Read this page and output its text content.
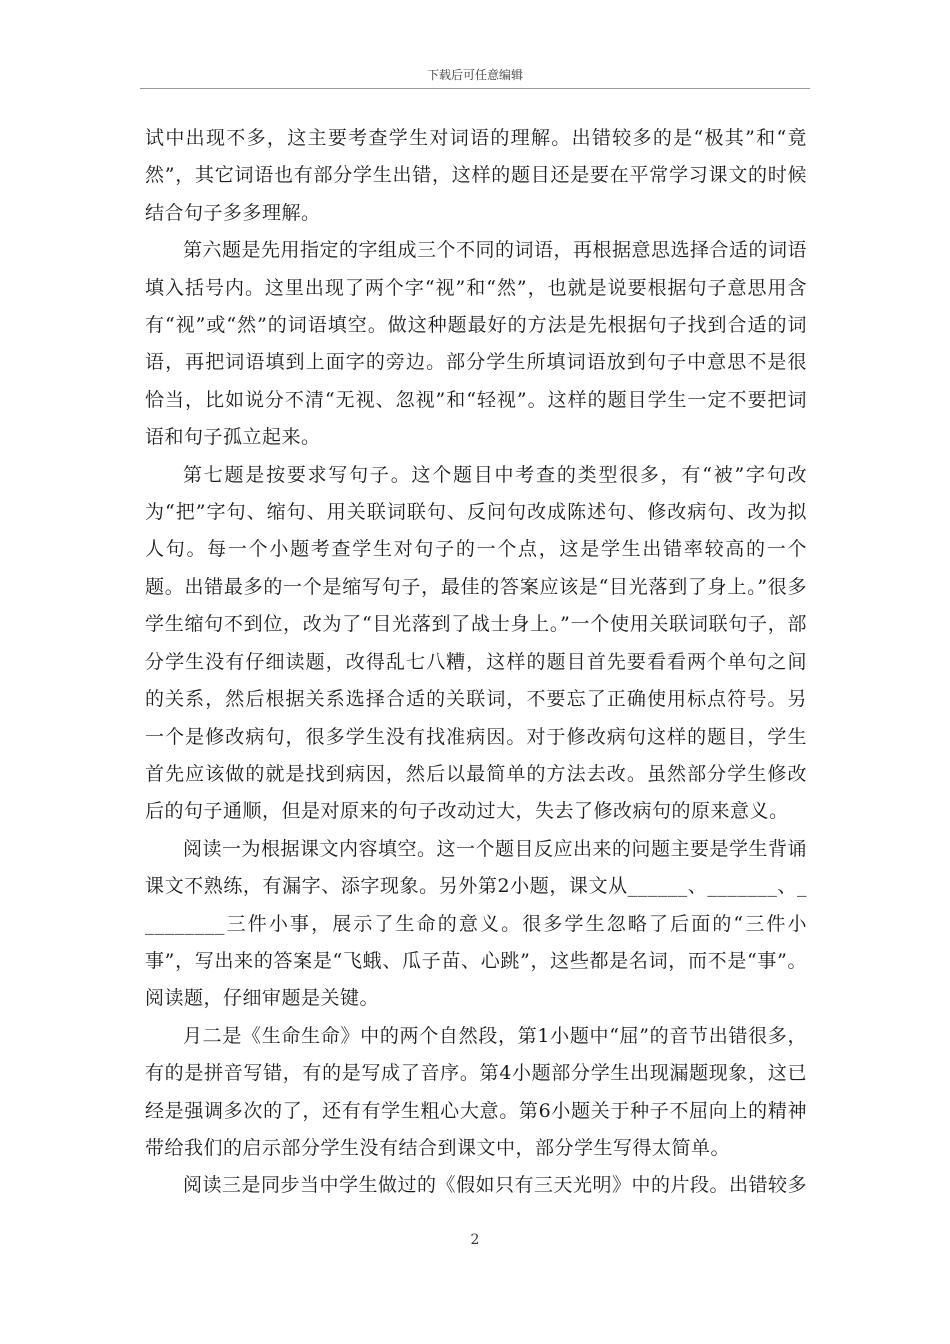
下载后可任意编辑

试中出现不多，这主要考查学生对词语的理解。出错较多的是“极其”和“竟然”，其它词语也有部分学生出错，这样的题目还是要在平常学习课文的时候结合句子多多理解。

第六题是先用指定的字组成三个不同的词语，再根据意思选择合适的词语填入括号内。这里出现了两个字“视”和“然”，也就是说要根据句子意思用含有“视”或“然”的词语填空。做这种题最好的方法是先根据句子找到合适的词语，再把词语填到上面字的旁边。部分学生所填词语放到句子中意思不是很恰当，比如说分不清“无视、忽视”和“轻视”。这样的题目学生一定不要把词语和句子孤立起来。

第七题是按要求写句子。这个题目中考查的类型很多，有“被”字句改为“把”字句、缩句、用关联词联句、反问句改成陈述句、修改病句、改为拟人句。每一个小题考查学生对句子的一个点，这是学生出错率较高的一个题。出错最多的一个是缩写句子，最佳的答案应该是“目光落到了身上。”很多学生缩句不到位，改为了“目光落到了战士身上。”一个使用关联词联句子，部分学生没有仔细读题，改得乱七八糟，这样的题目首先要看看两个单句之间的关系，然后根据关系选择合适的关联词，不要忘了正确使用标点符号。另一个是修改病句，很多学生没有找准病因。对于修改病句这样的题目，学生首先应该做的就是找到病因，然后以最简单的方法去改。虽然部分学生修改后的句子通顺，但是对原来的句子改动过大，失去了修改病句的原来意义。

阅读一为根据课文内容填空。这一个题目反应出来的问题主要是学生背诵课文不熟练，有漏字、添字现象。另外第2小题，课文从______、_______、_________三件小事，展示了生命的意义。很多学生忽略了后面的“三件小事”，写出来的答案是“飞蛾、瓜子苗、心跳”，这些都是名词，而不是“事”。阅读题，仔细审题是关键。

月二是《生命生命》中的两个自然段，第1小题中“屈”的音节出错很多，有的是拼音写错，有的是写成了音序。第4小题部分学生出现漏题现象，这已经是强调多次的了，还有有学生粗心大意。第6小题关于种子不屈向上的精神带给我们的启示部分学生没有结合到课文中，部分学生写得太简单。

阅读三是同步当中学生做过的《假如只有三天光明》中的片段。出错较多

2
